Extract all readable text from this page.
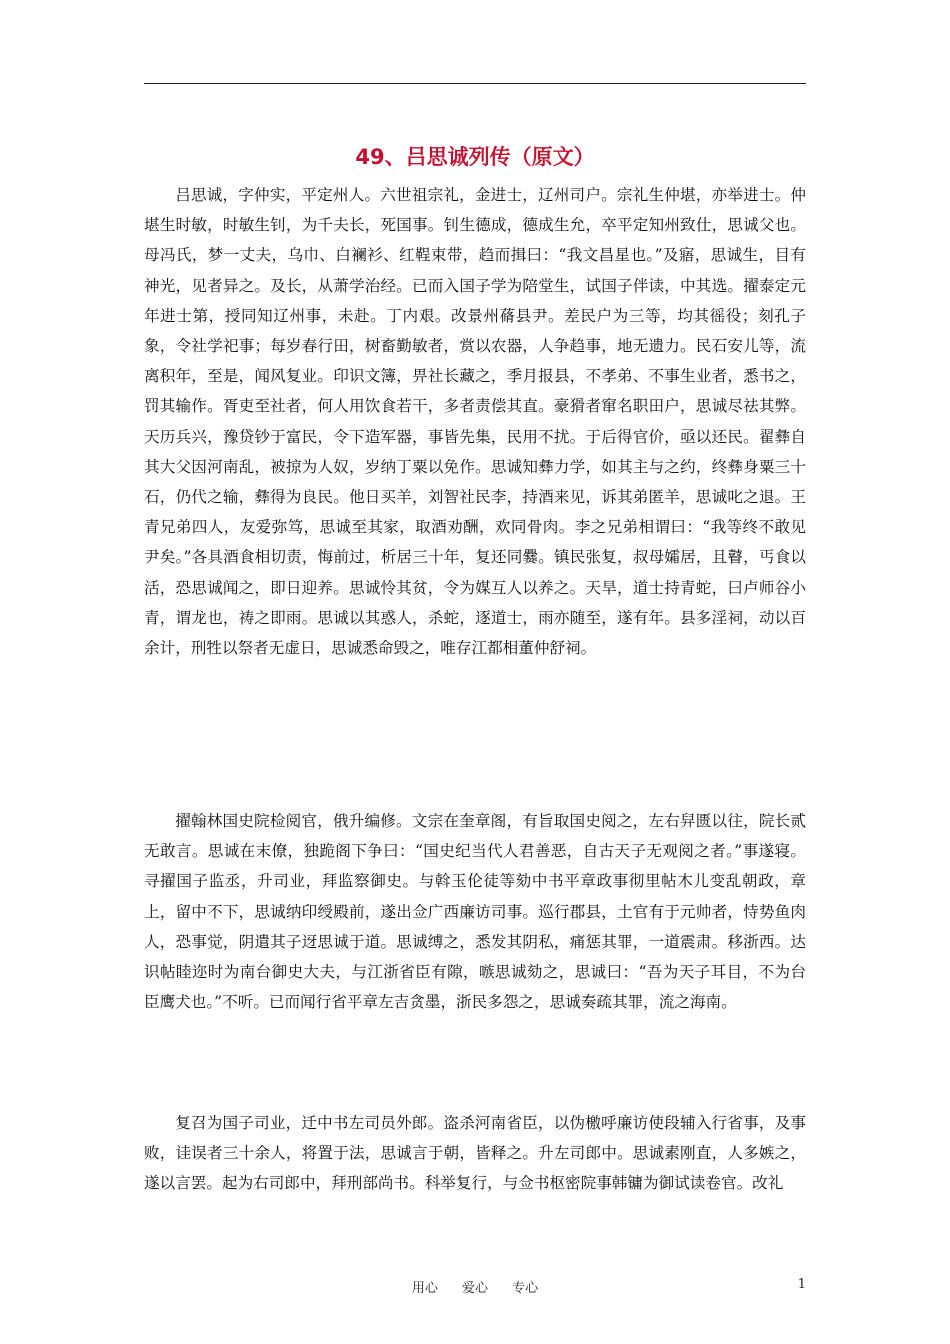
49、吕思诚列传（原文）

吕思诚，字仲实，平定州人。六世祖宗礼，金进士，辽州司户。宗礼生仲堪，亦举进士。仲堪生时敏，时敏生钊，为千夫长，死国事。钊生德成，德成生允，卒平定知州致仕，思诚父也。母冯氏，梦一丈夫，乌巾、白襕衫、红鞓束带，趋而揖曰：“我文昌星也。”及寤，思诚生，目有神光，见者异之。及长，从萧学治经。已而入国子学为陪堂生，试国子伴读，中其选。擢泰定元年进士第，授同知辽州事，未赴。丁内艰。改景州蓨县尹。差民户为三等，均其徭役；刻孔子象，令社学祀事；每岁春行田，树畜勤敏者，赏以农器，人争趋事，地无遗力。民石安儿等，流离积年，至是，闻风复业。印识文簿，畀社长藏之，季月报县，不孝弟、不事生业者，悉书之，罚其输作。胥吏至社者，何人用饮食若干，多者责偿其直。豪猾者窜名职田户，思诚尽祛其弊。天历兵兴，豫贷钞于富民，令下造军器，事皆先集，民用不扰。于后得官价，亟以还民。翟彝自其大父因河南乱，被掠为人奴，岁纳丁粟以免作。思诚知彝力学，如其主与之约，终彝身粟三十石，仍代之输，彝得为良民。他日买羊，刘智社民李，持酒来见，诉其弟匿羊，思诚叱之退。王青兄弟四人，友爱弥笃，思诚至其家，取酒劝酬，欢同骨肉。李之兄弟相谓曰：“我等终不敢见尹矣。”各具酒食相切责，悔前过，析居三十年，复还同爨。镇民张复，叔母孀居，且瞽，丐食以活，恐思诚闻之，即日迎养。思诚怜其贫，令为媒互人以养之。天旱，道士持青蛇，曰卢师谷小青，谓龙也，祷之即雨。思诚以其惑人，杀蛇，逐道士，雨亦随至，遂有年。县多淫祠，动以百余计，刑牲以祭者无虚日，思诚悉命毁之，唯存江都相董仲舒祠。

擢翰林国史院检阅官，俄升编修。文宗在奎章阁，有旨取国史阅之，左右舁匮以往，院长贰无敢言。思诚在末僚，独跪阁下争曰：“国史纪当代人君善恶，自古天子无观阅之者。”事遂寝。寻擢国子监丞，升司业，拜监察御史。与斡玉伦徒等劾中书平章政事彻里帖木儿变乱朝政，章上，留中不下，思诚纳印绶殿前，遂出佥广西廉访司事。巡行郡县，土官有于元帅者，恃势鱼肉人，恐事觉，阴遣其子迓思诚于道。思诚缚之，悉发其阴私，痛惩其罪，一道震肃。移浙西。达识帖睦迩时为南台御史大夫，与江浙省臣有隙，嗾思诚劾之，思诚曰：“吾为天子耳目，不为台臣鹰犬也。”不听。已而闻行省平章左吉贪墨，浙民多怨之，思诚奏疏其罪，流之海南。

复召为国子司业，迁中书左司员外郎。盗杀河南省臣，以伪檄呼廉访使段辅入行省事，及事败，诖误者三十余人，将置于法，思诚言于朝，皆释之。升左司郎中。思诚素刚直，人多嫉之，遂以言罢。起为右司郎中，拜刑部尚书。科举复行，与佥书枢密院事韩镛为御试读卷官。改礼

用心 爱心 专心	1
